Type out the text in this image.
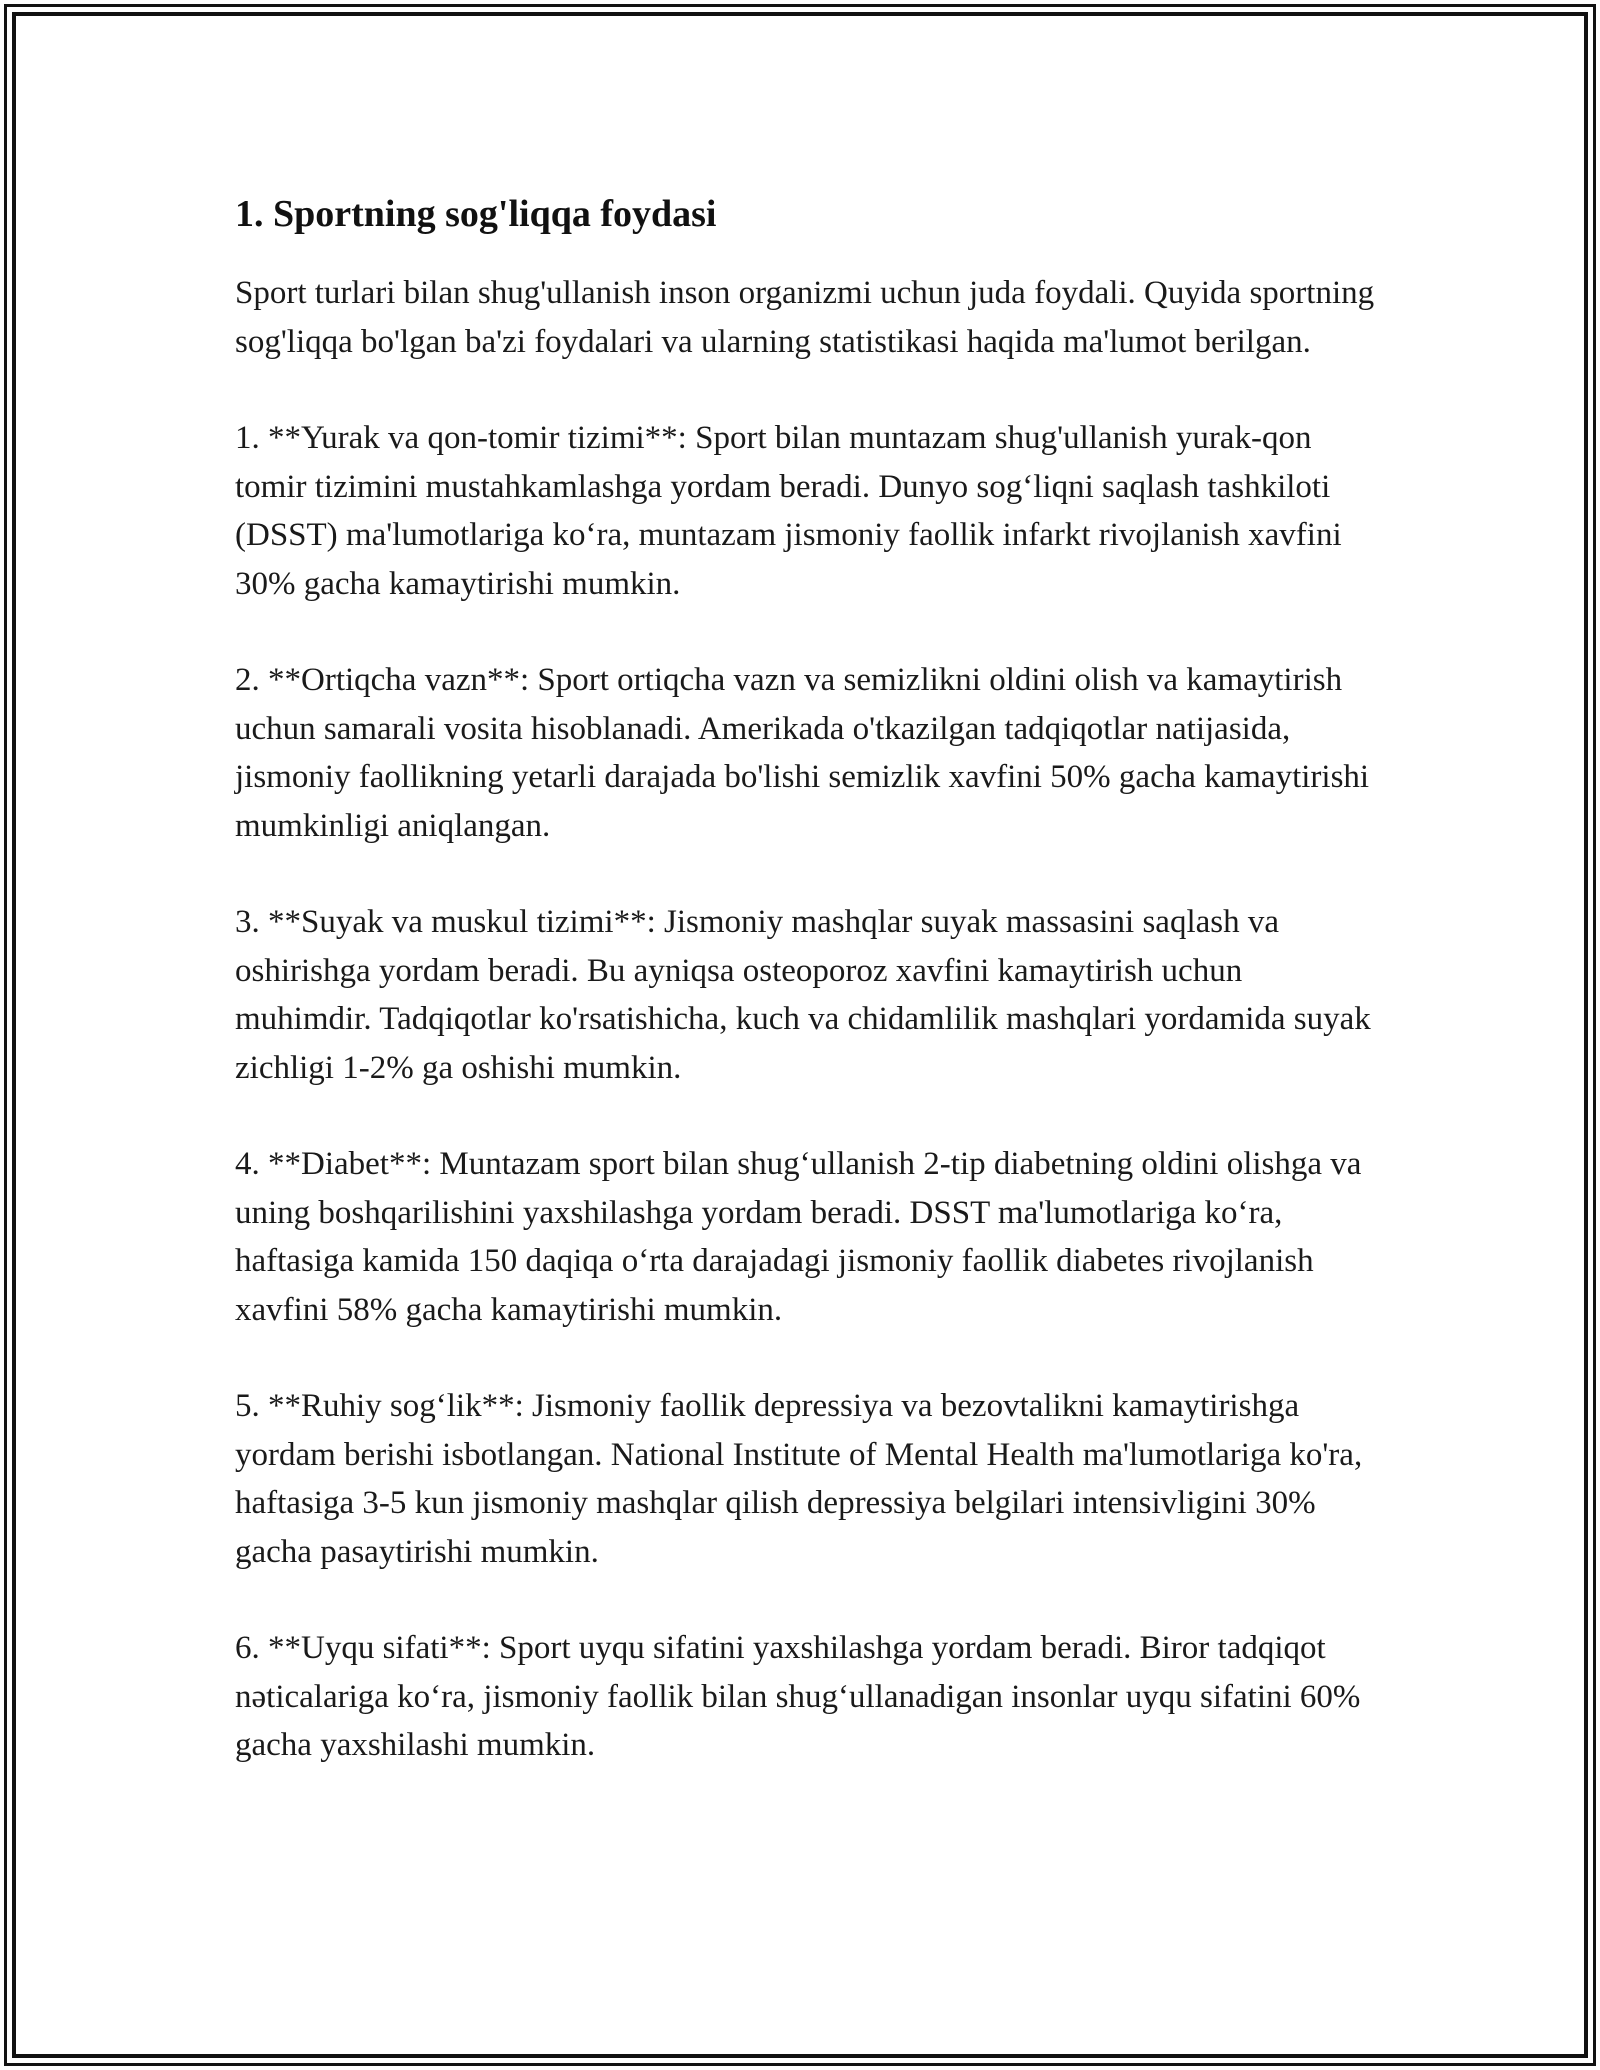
1. Sportning sog'liqqa foydasi

Sport turlari bilan shug'ullanish inson organizmi uchun juda foydali. Quyida sportning sog'liqqa bo'lgan ba'zi foydalari va ularning statistikasi haqida ma'lumot berilgan.

1. **Yurak va qon-tomir tizimi**: Sport bilan muntazam shug'ullanish yurak-qon tomir tizimini mustahkamlashga yordam beradi. Dunyo sog‘liqni saqlash tashkiloti (DSST) ma'lumotlariga ko‘ra, muntazam jismoniy faollik infarkt rivojlanish xavfini 30% gacha kamaytirishi mumkin.

2. **Ortiqcha vazn**: Sport ortiqcha vazn va semizlikni oldini olish va kamaytirish uchun samarali vosita hisoblanadi. Amerikada o'tkazilgan tadqiqotlar natijasida, jismoniy faollikning yetarli darajada bo'lishi semizlik xavfini 50% gacha kamaytirishi mumkinligi aniqlangan.

3. **Suyak va muskul tizimi**: Jismoniy mashqlar suyak massasini saqlash va oshirishga yordam beradi. Bu ayniqsa osteoporoz xavfini kamaytirish uchun muhimdir. Tadqiqotlar ko'rsatishicha, kuch va chidamlilik mashqlari yordamida suyak zichligi 1-2% ga oshishi mumkin.

4. **Diabet**: Muntazam sport bilan shug‘ullanish 2-tip diabetning oldini olishga va uning boshqarilishini yaxshilashga yordam beradi. DSST ma'lumotlariga ko‘ra, haftasiga kamida 150 daqiqa o‘rta darajadagi jismoniy faollik diabetes rivojlanish xavfini 58% gacha kamaytirishi mumkin.

5. **Ruhiy sog‘lik**: Jismoniy faollik depressiya va bezovtalikni kamaytirishga yordam berishi isbotlangan. National Institute of Mental Health ma'lumotlariga ko'ra, haftasiga 3-5 kun jismoniy mashqlar qilish depressiya belgilari intensivligini 30% gacha pasaytirishi mumkin.

6. **Uyqu sifati**: Sport uyqu sifatini yaxshilashga yordam beradi. Biror tadqiqot nəticalariga ko‘ra, jismoniy faollik bilan shug‘ullanadigan insonlar uyqu sifatini 60% gacha yaxshilashi mumkin.
